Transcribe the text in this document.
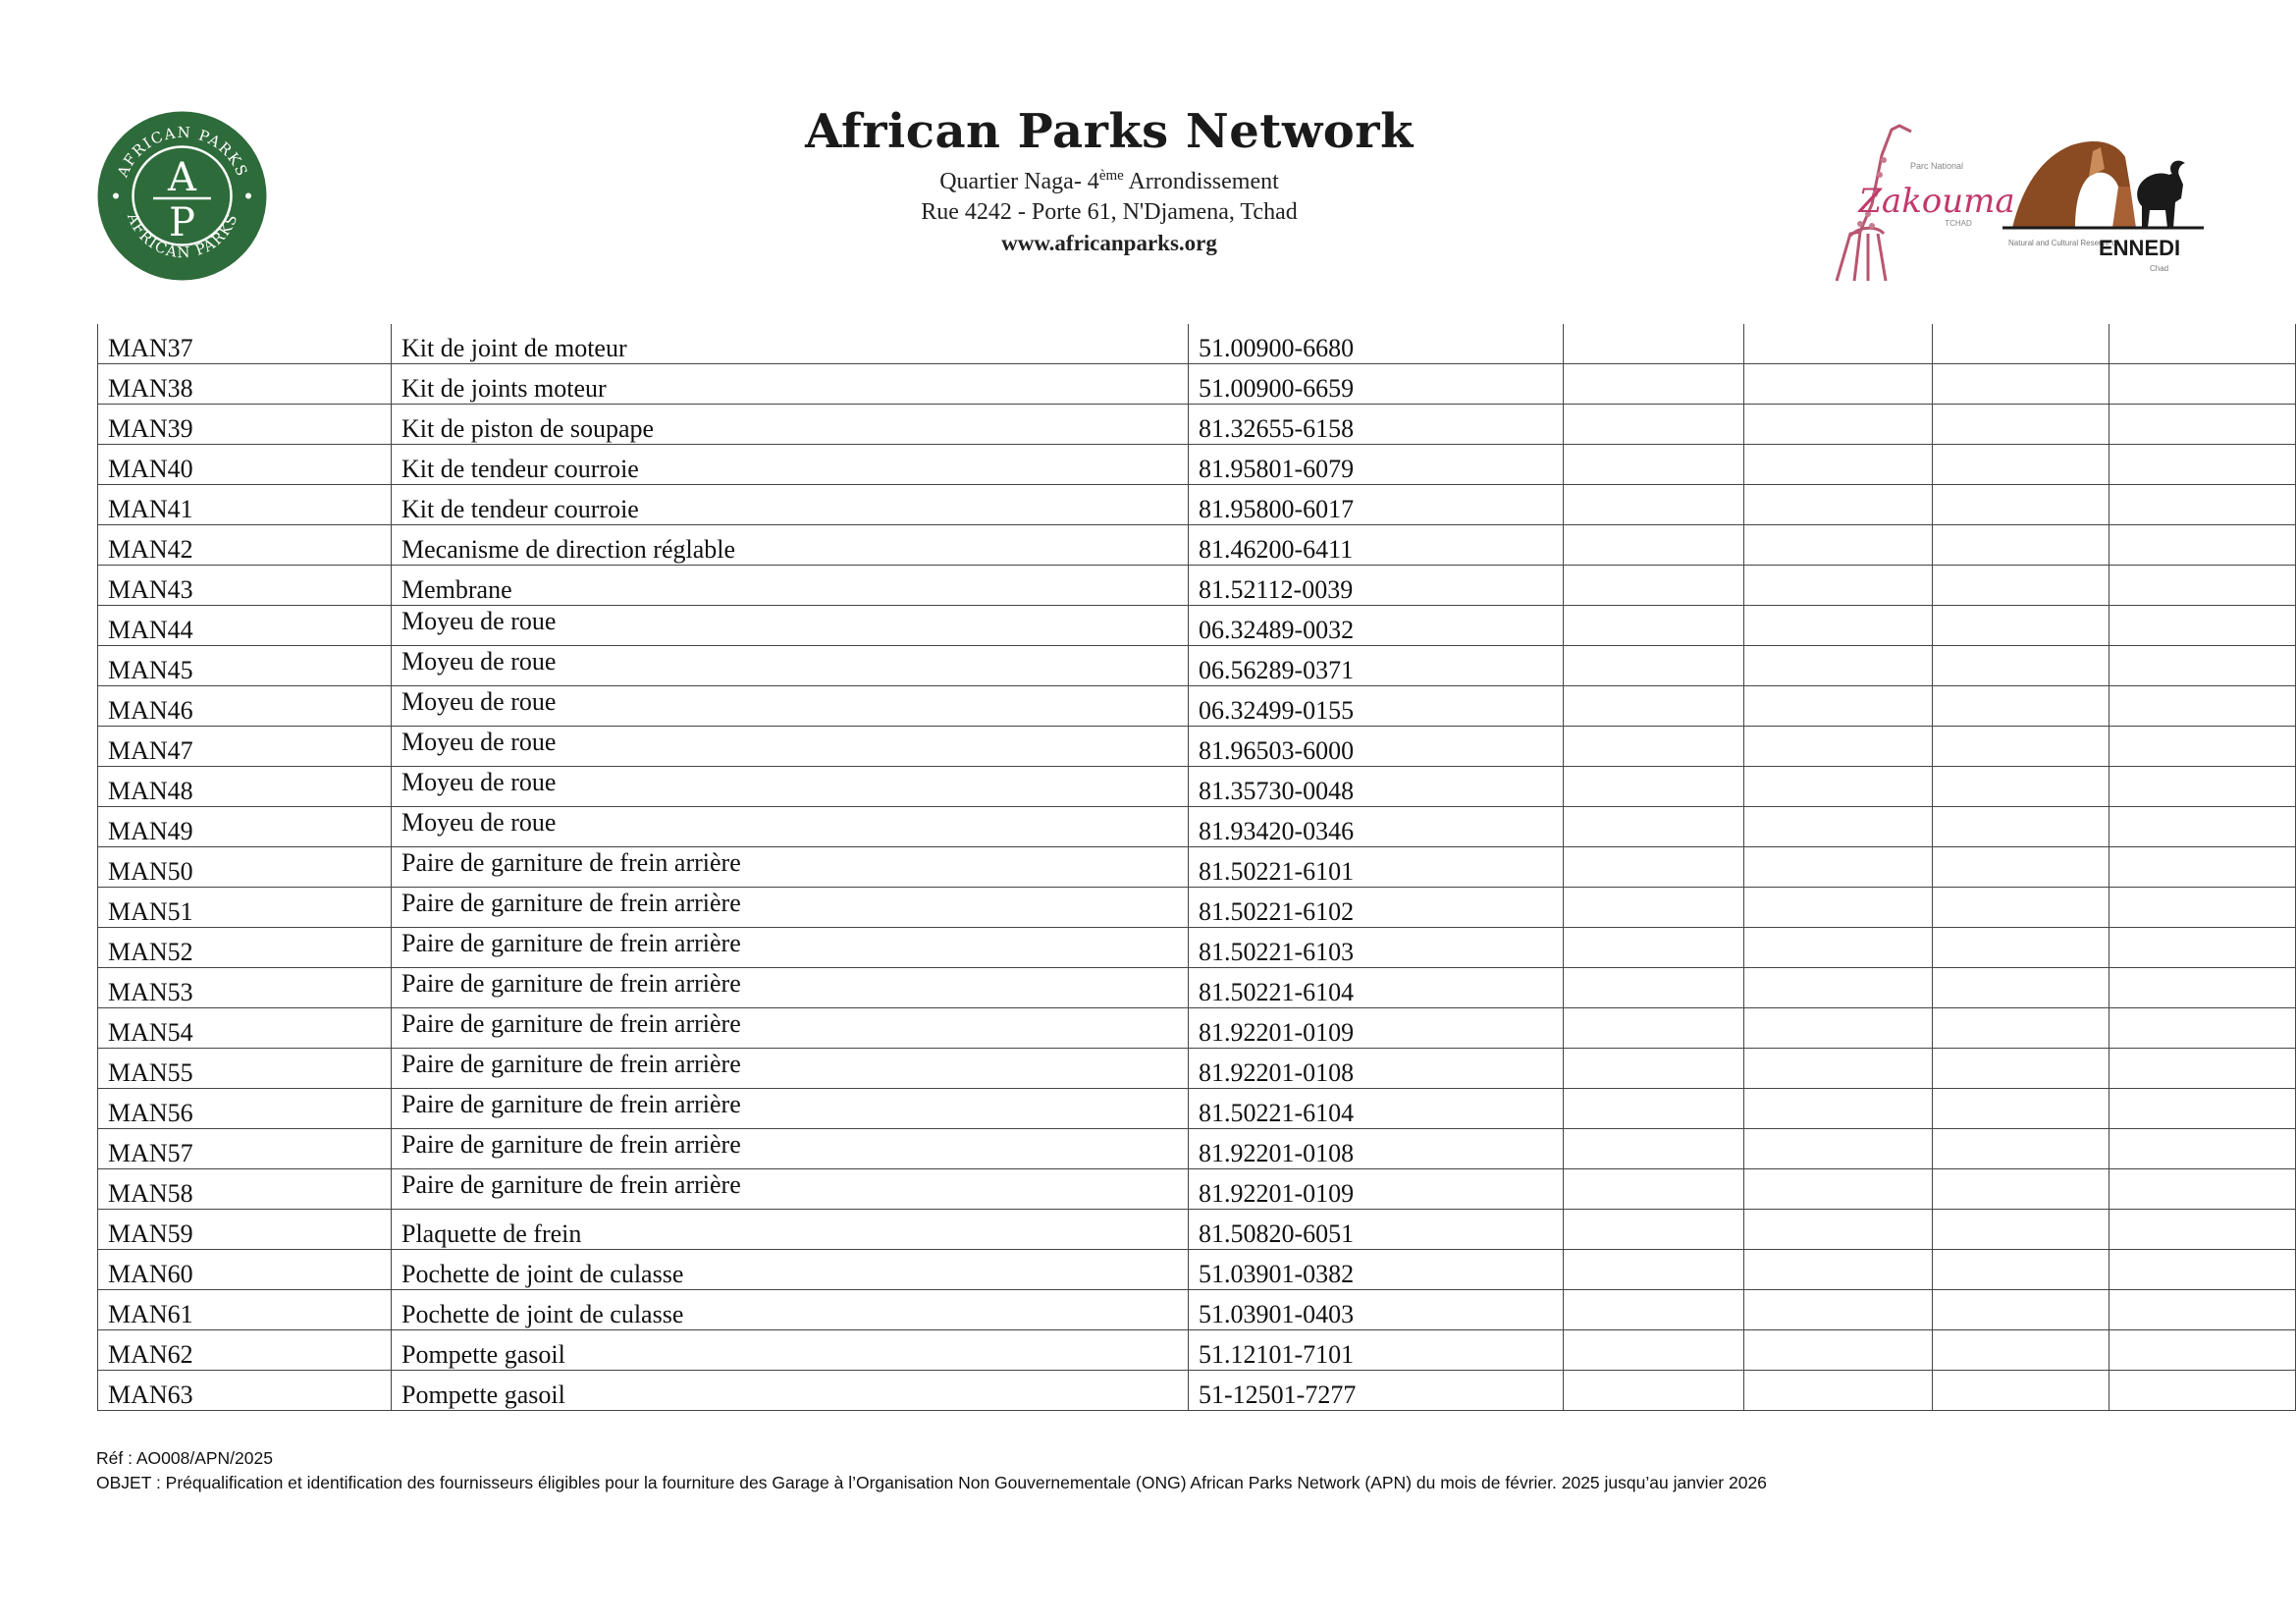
AFRICAN PARKS
AFRICAN PARKS
A
P
African Parks Network
Quartier Naga- 4ème Arrondissement
Rue 4242 - Porte 61, N'Djamena, Tchad
www.africanparks.org
Parc National
Zakouma
TCHAD
Natural and Cultural Reserve of
ENNEDI
Chad
MAN37	Kit de joint de moteur	51.00900-6680				

MAN38	Kit de joints moteur	51.00900-6659				

MAN39	Kit de piston de soupape	81.32655-6158				

MAN40	Kit de tendeur courroie	81.95801-6079				

MAN41	Kit de tendeur courroie	81.95800-6017				

MAN42	Mecanisme de direction réglable	81.46200-6411				

MAN43	Membrane	81.52112-0039				

MAN44	Moyeu de roue	06.32489-0032				

MAN45	Moyeu de roue	06.56289-0371				

MAN46	Moyeu de roue	06.32499-0155				

MAN47	Moyeu de roue	81.96503-6000				

MAN48	Moyeu de roue	81.35730-0048				

MAN49	Moyeu de roue	81.93420-0346				

MAN50	Paire de garniture de frein arrière	81.50221-6101				

MAN51	Paire de garniture de frein arrière	81.50221-6102				

MAN52	Paire de garniture de frein arrière	81.50221-6103				

MAN53	Paire de garniture de frein arrière	81.50221-6104				

MAN54	Paire de garniture de frein arrière	81.92201-0109				

MAN55	Paire de garniture de frein arrière	81.92201-0108				

MAN56	Paire de garniture de frein arrière	81.50221-6104				

MAN57	Paire de garniture de frein arrière	81.92201-0108				

MAN58	Paire de garniture de frein arrière	81.92201-0109				

MAN59	Plaquette de frein	81.50820-6051				

MAN60	Pochette de joint de culasse	51.03901-0382				

MAN61	Pochette de joint de culasse	51.03901-0403				

MAN62	Pompette gasoil	51.12101-7101				

MAN63	Pompette gasoil	51-12501-7277				

Réf : AO008/APN/2025
OBJET : Préqualification et identification des fournisseurs éligibles pour la fourniture des Garage à l’Organisation Non Gouvernementale (ONG) African Parks Network (APN) du mois de février. 2025 jusqu’au janvier 2026
